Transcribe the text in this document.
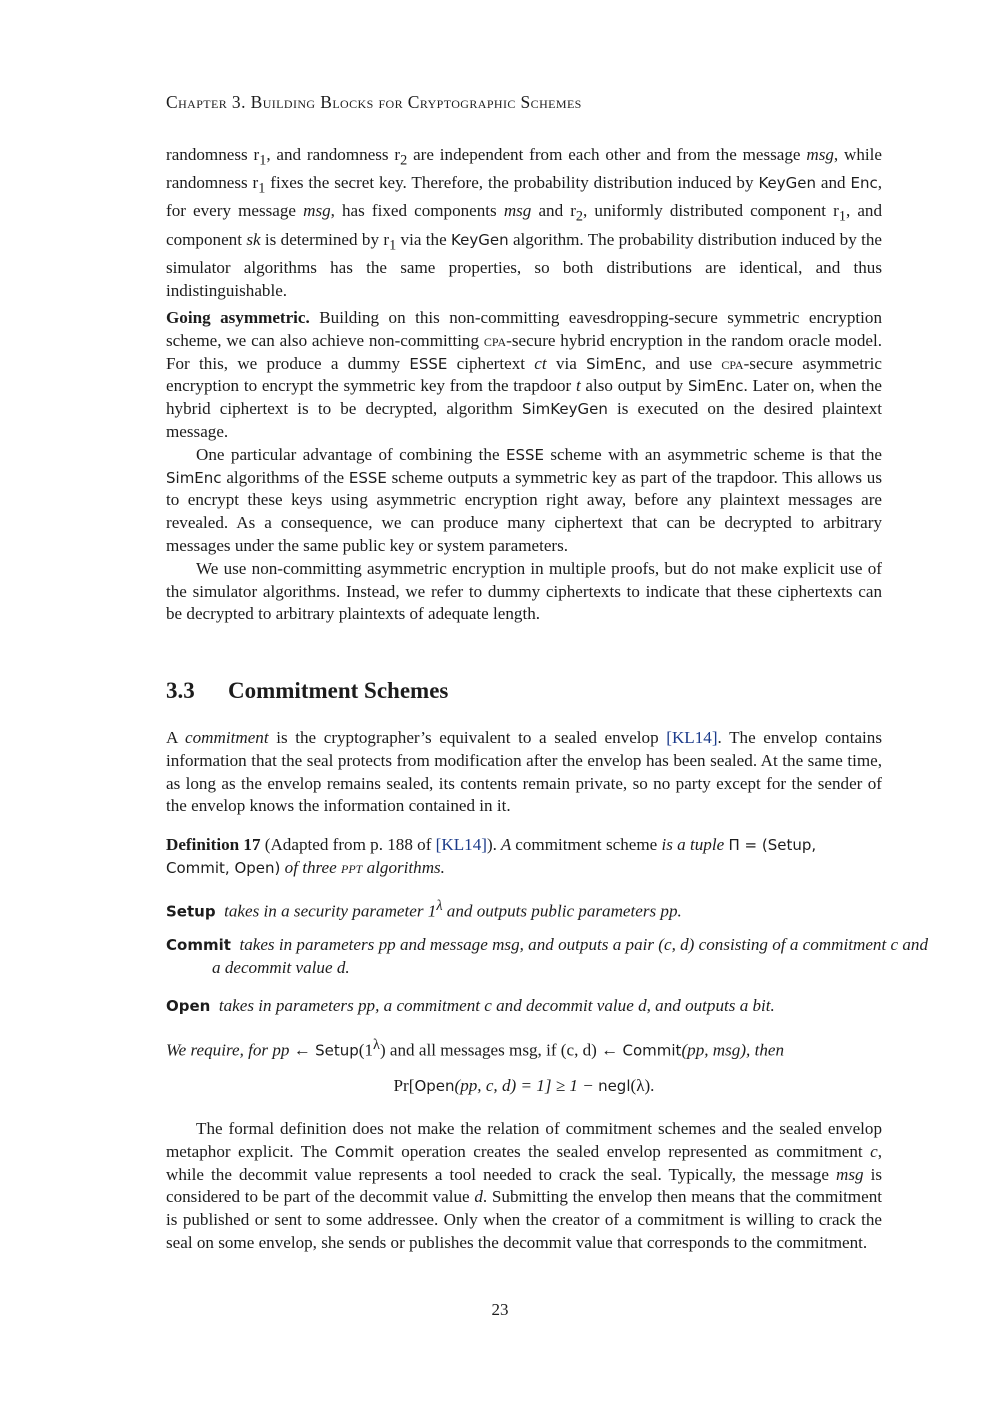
Chapter 3. Building Blocks for Cryptographic Schemes

randomness $r_1$, and randomness $r_2$ are independent from each other and from the message msg, while randomness $r_1$ fixes the secret key. Therefore, the probability distribution induced by KeyGen and Enc, for every message msg, has fixed components msg and $r_2$, uniformly distributed component $r_1$, and component sk is determined by $r_1$ via the KeyGen algorithm. The probability distribution induced by the simulator algorithms has the same properties, so both distributions are identical, and thus indistinguishable.

Going asymmetric. Building on this non-committing eavesdropping-secure symmetric encryption scheme, we can also achieve non-committing cpa-secure hybrid encryption in the random oracle model. For this, we produce a dummy ESSE ciphertext ct via SimEnc, and use cpa-secure asymmetric encryption to encrypt the symmetric key from the trapdoor t also output by SimEnc. Later on, when the hybrid ciphertext is to be decrypted, algorithm SimKeyGen is executed on the desired plaintext message.

One particular advantage of combining the ESSE scheme with an asymmetric scheme is that the SimEnc algorithms of the ESSE scheme outputs a symmetric key as part of the trapdoor. This allows us to encrypt these keys using asymmetric encryption right away, before any plaintext messages are revealed. As a consequence, we can produce many ciphertext that can be decrypted to arbitrary messages under the same public key or system parameters.

We use non-committing asymmetric encryption in multiple proofs, but do not make explicit use of the simulator algorithms. Instead, we refer to dummy ciphertexts to indicate that these ciphertexts can be decrypted to arbitrary plaintexts of adequate length.

3.3 Commitment Schemes

A commitment is the cryptographer’s equivalent to a sealed envelop [KL14]. The envelop contains information that the seal protects from modification after the envelop has been sealed. At the same time, as long as the envelop remains sealed, its contents remain private, so no party except for the sender of the envelop knows the information contained in it.

Definition 17 (Adapted from p. 188 of [KL14]). A commitment scheme is a tuple Π = (Setup, Commit, Open) of three ppt algorithms.

Setup takes in a security parameter $1^\lambda$ and outputs public parameters pp.

Commit takes in parameters pp and message msg, and outputs a pair (c, d) consisting of a commitment c and a decommit value d.

Open takes in parameters pp, a commitment c and decommit value d, and outputs a bit.

We require, for pp ← $Setup(1^\lambda)$ and all messages msg, if (c, d) ← Commit(pp, msg), then

Pr[Open(pp, c, d) = 1] ≥ 1 − negl(λ).

The formal definition does not make the relation of commitment schemes and the sealed envelop metaphor explicit. The Commit operation creates the sealed envelop represented as commitment c, while the decommit value represents a tool needed to crack the seal. Typically, the message msg is considered to be part of the decommit value d. Submitting the envelop then means that the commitment is published or sent to some addressee. Only when the creator of a commitment is willing to crack the seal on some envelop, she sends or publishes the decommit value that corresponds to the commitment.

23
